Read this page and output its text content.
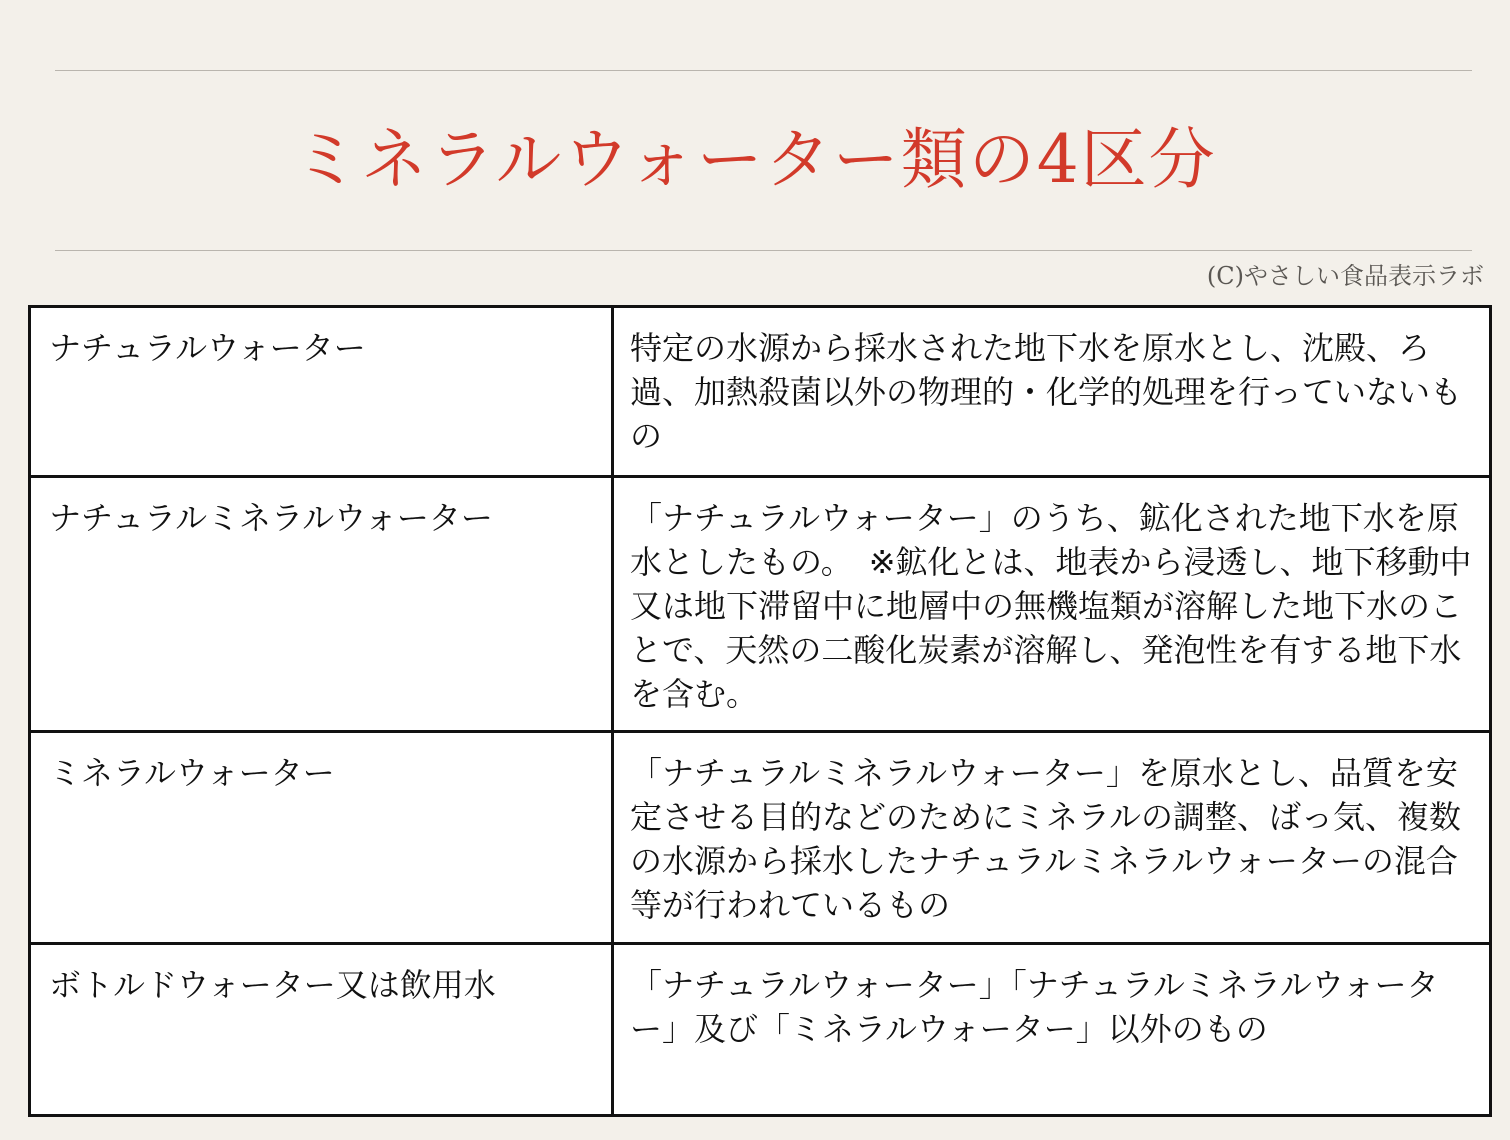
ミネラルウォーター類の4区分
(C)やさしい食品表示ラボ
ナチュラルウォーター	特定の水源から採水された地下水を原水とし、沈殿、ろ過、加熱殺菌以外の物理的・化学的処理を行っていないもの
ナチュラルミネラルウォーター	「ナチュラルウォーター」のうち、鉱化された地下水を原水としたもの。　※鉱化とは、地表から浸透し、地下移動中又は地下滞留中に地層中の無機塩類が溶解した地下水のことで、天然の二酸化炭素が溶解し、発泡性を有する地下水を含む。
ミネラルウォーター	「ナチュラルミネラルウォーター」を原水とし、品質を安定させる目的などのためにミネラルの調整、ばっ気、複数の水源から採水したナチュラルミネラルウォーターの混合等が行われているもの
ボトルドウォーター又は飲用水	「ナチュラルウォーター」「ナチュラルミネラルウォーター」及び「ミネラルウォーター」以外のもの
